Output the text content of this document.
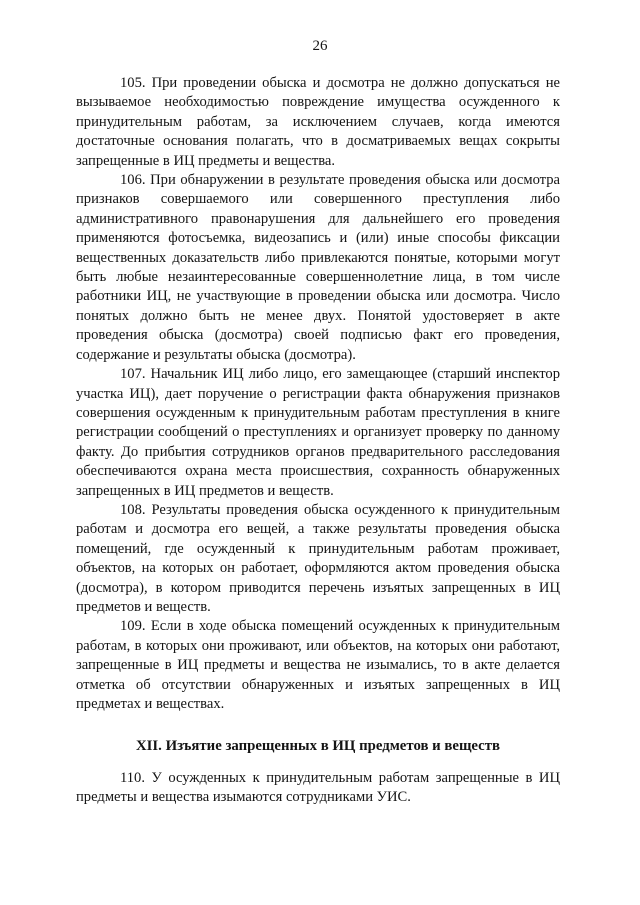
26

105. При проведении обыска и досмотра не должно допускаться не вызываемое необходимостью повреждение имущества осужденного к принудительным работам, за исключением случаев, когда имеются достаточные основания полагать, что в досматриваемых вещах сокрыты запрещенные в ИЦ предметы и вещества.

106. При обнаружении в результате проведения обыска или досмотра признаков совершаемого или совершенного преступления либо административного правонарушения для дальнейшего его проведения применяются фотосъемка, видеозапись и (или) иные способы фиксации вещественных доказательств либо привлекаются понятые, которыми могут быть любые незаинтересованные совершеннолетние лица, в том числе работники ИЦ, не участвующие в проведении обыска или досмотра. Число понятых должно быть не менее двух. Понятой удостоверяет в акте проведения обыска (досмотра) своей подписью факт его проведения, содержание и результаты обыска (досмотра).

107. Начальник ИЦ либо лицо, его замещающее (старший инспектор участка ИЦ), дает поручение о регистрации факта обнаружения признаков совершения осужденным к принудительным работам преступления в книге регистрации сообщений о преступлениях и организует проверку по данному факту. До прибытия сотрудников органов предварительного расследования обеспечиваются охрана места происшествия, сохранность обнаруженных запрещенных в ИЦ предметов и веществ.

108. Результаты проведения обыска осужденного к принудительным работам и досмотра его вещей, а также результаты проведения обыска помещений, где осужденный к принудительным работам проживает, объектов, на которых он работает, оформляются актом проведения обыска (досмотра), в котором приводится перечень изъятых запрещенных в ИЦ предметов и веществ.

109. Если в ходе обыска помещений осужденных к принудительным работам, в которых они проживают, или объектов, на которых они работают, запрещенные в ИЦ предметы и вещества не изымались, то в акте делается отметка об отсутствии обнаруженных и изъятых запрещенных в ИЦ предметах и веществах.

XII. Изъятие запрещенных в ИЦ предметов и веществ

110. У осужденных к принудительным работам запрещенные в ИЦ предметы и вещества изымаются сотрудниками УИС.
